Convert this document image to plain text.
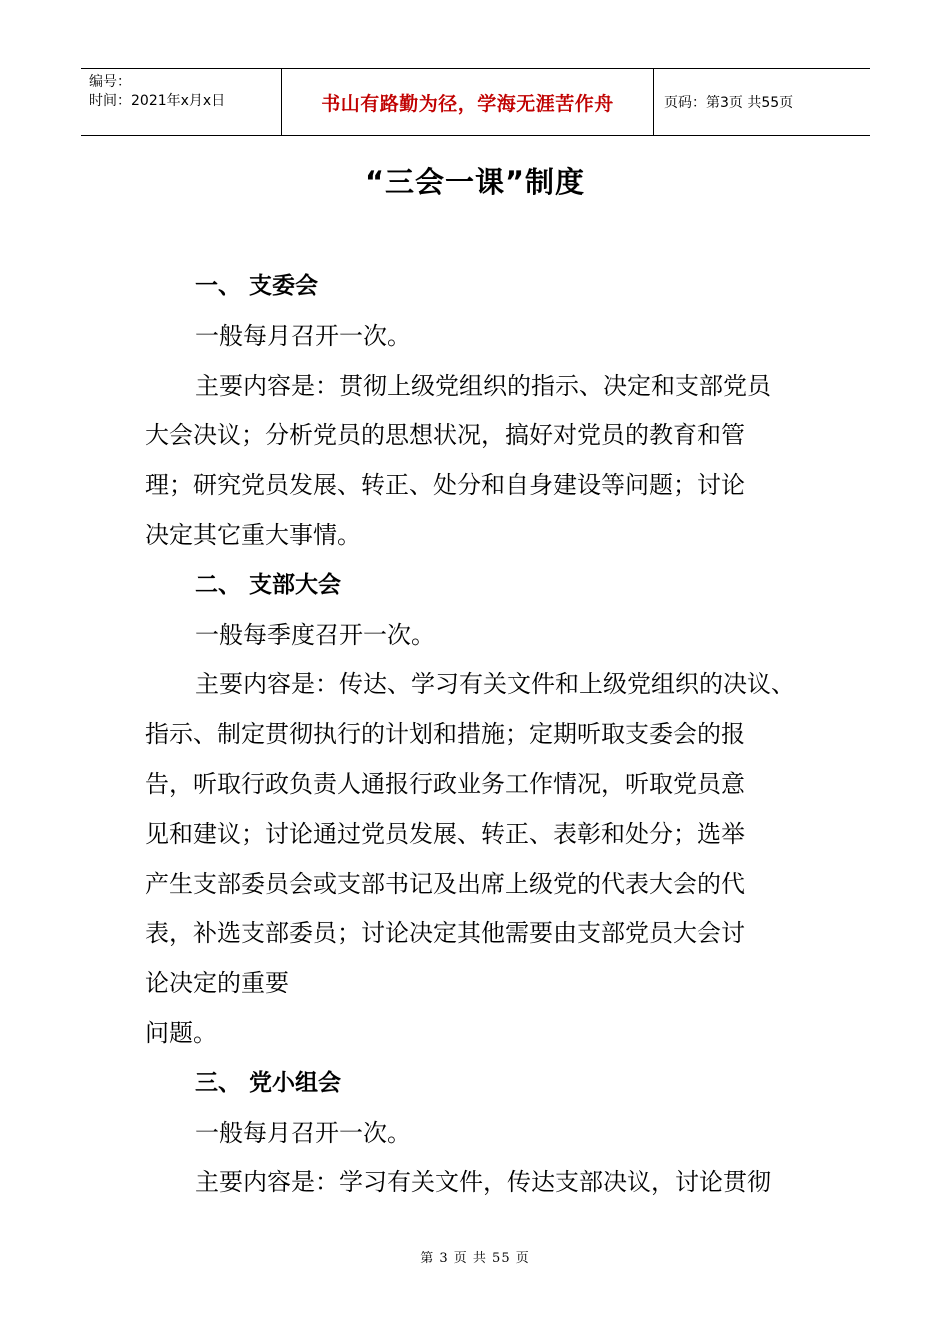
编号：
时间：2021年x月x日	书山有路勤为径，学海无涯苦作舟	页码：第3页 共55页
“三会一课”制度

一、 支委会

一般每月召开一次。

主要内容是：贯彻上级党组织的指示、决定和支部党员

大会决议；分析党员的思想状况，搞好对党员的教育和管

理；研究党员发展、转正、处分和自身建设等问题；讨论

决定其它重大事情。

二、 支部大会

一般每季度召开一次。

主要内容是：传达、学习有关文件和上级党组织的决议、

指示、制定贯彻执行的计划和措施；定期听取支委会的报

告，听取行政负责人通报行政业务工作情况，听取党员意

见和建议；讨论通过党员发展、转正、表彰和处分；选举

产生支部委员会或支部书记及出席上级党的代表大会的代

表，补选支部委员；讨论决定其他需要由支部党员大会讨

论决定的重要

问题。

三、 党小组会

一般每月召开一次。

主要内容是：学习有关文件，传达支部决议，讨论贯彻

第 3 页 共 55 页
